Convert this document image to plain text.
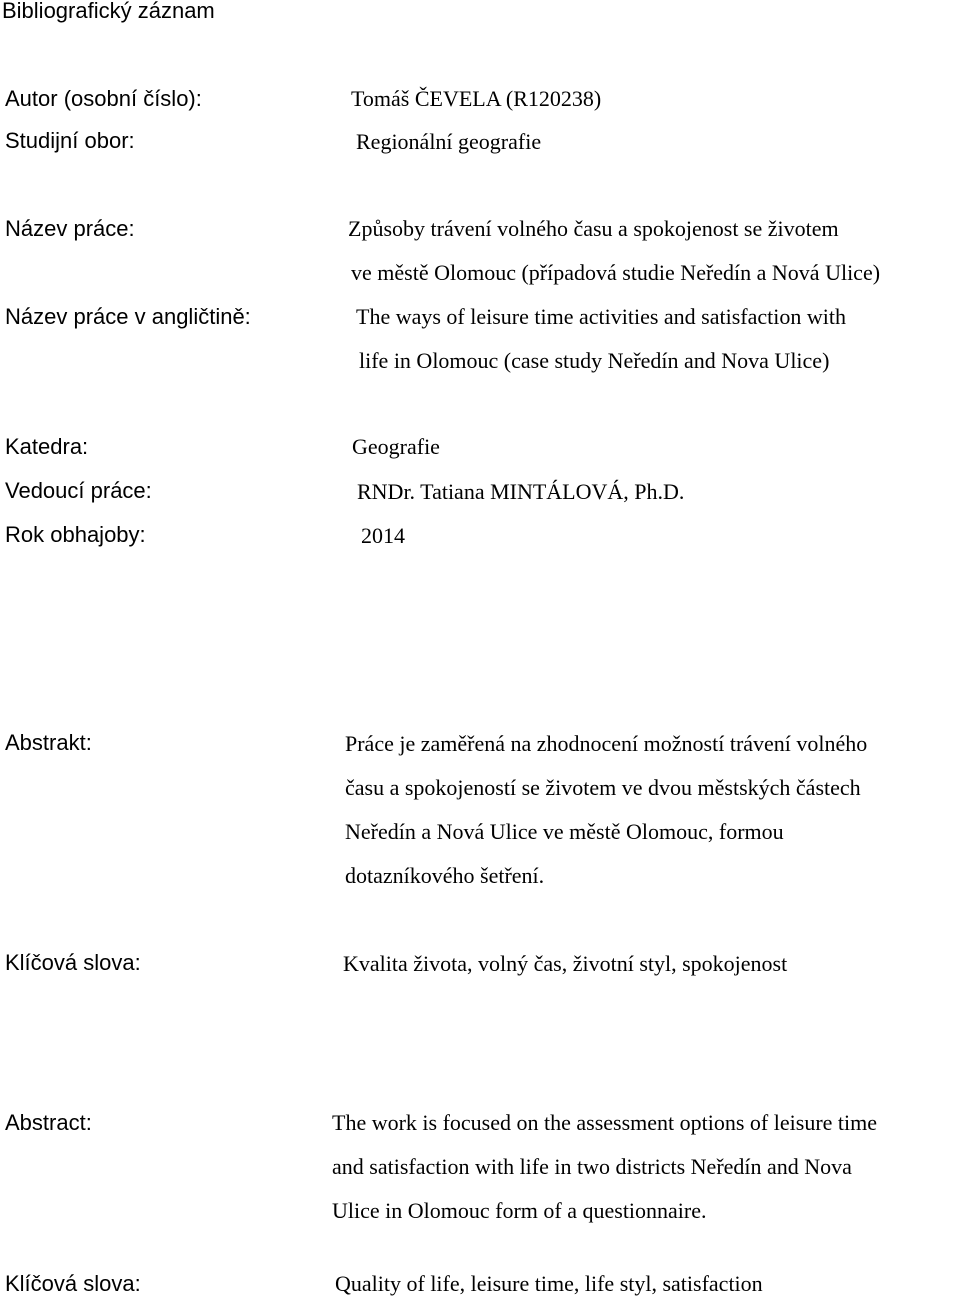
Bibliografický záznam
Autor (osobní číslo):	Tomáš ČEVELA (R120238)
Studijní obor:	Regionální geografie
Název práce:	Způsoby trávení volného času a spokojenost se životem
ve městě Olomouc (případová studie Neředín a Nová Ulice)
Název práce v angličtině:	The ways of leisure time activities and satisfaction with
life in Olomouc (case study Neředín and Nova Ulice)
Katedra:	Geografie
Vedoucí práce:	RNDr. Tatiana MINTÁLOVÁ, Ph.D.
Rok obhajoby:	2014
Abstrakt:	Práce je zaměřená na zhodnocení možností trávení volného
času a spokojeností se životem ve dvou městských částech
Neředín a Nová Ulice ve městě Olomouc, formou
dotazníkového šetření.
Klíčová slova:	Kvalita života, volný čas, životní styl, spokojenost
Abstract:	The work is focused on the assessment options of leisure time
and satisfaction with life in two districts Neředín and Nova
Ulice in Olomouc form of a questionnaire.
Klíčová slova:	Quality of life, leisure time, life styl, satisfaction
